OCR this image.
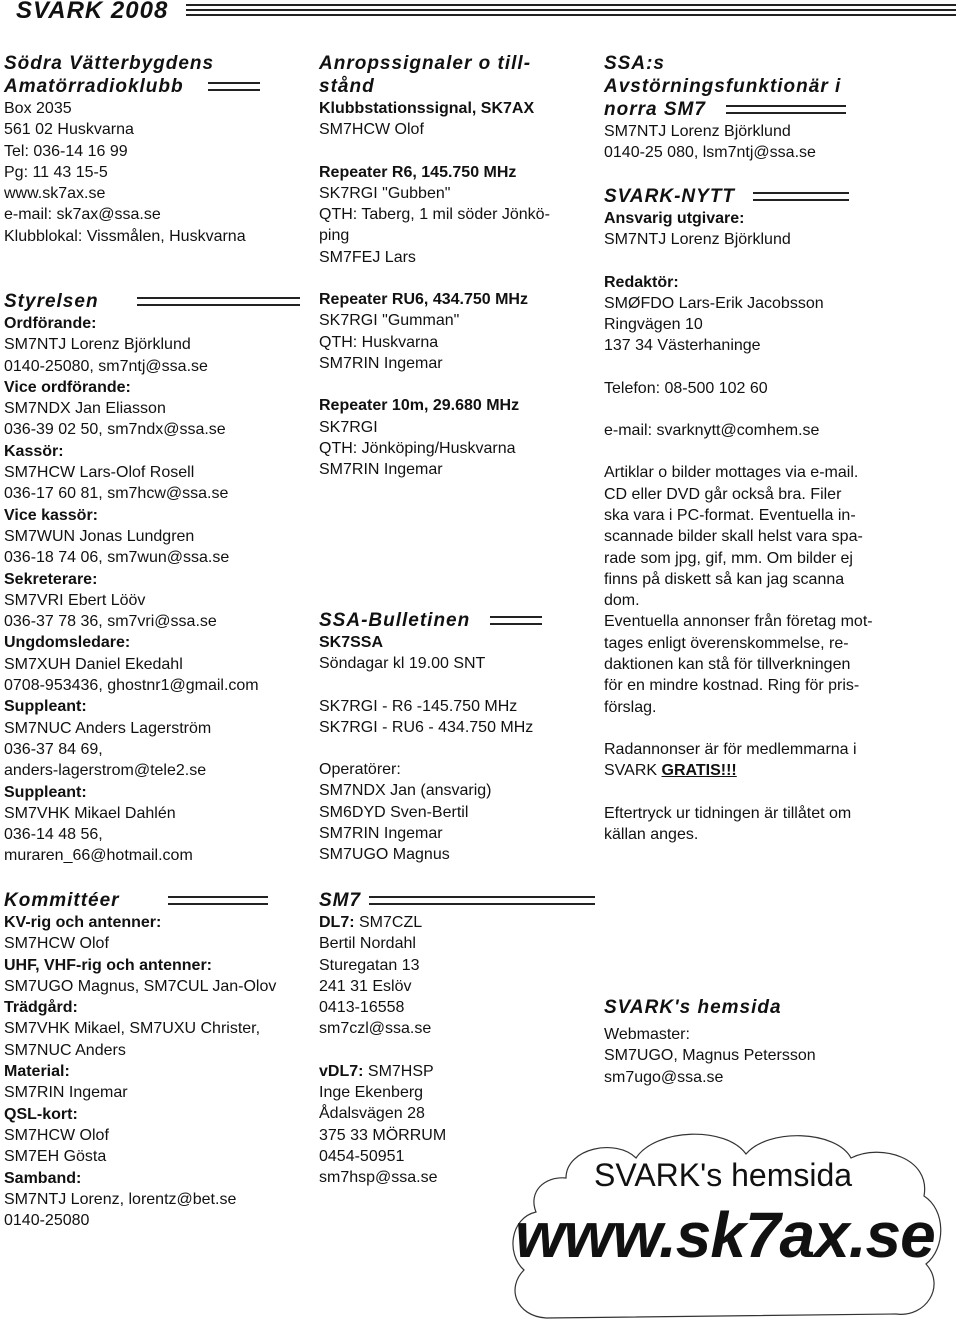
SVARK 2008
Södra Vätterbygdens
Amatörradioklubb
Box 2035
561 02 Huskvarna
Tel: 036-14 16 99
Pg: 11 43 15-5
www.sk7ax.se
e-mail: sk7ax@ssa.se
Klubblokal: Vissmålen, Huskvarna
Styrelsen
Ordförande:
SM7NTJ Lorenz Björklund
0140-25080, sm7ntj@ssa.se
Vice ordförande:
SM7NDX Jan Eliasson
036-39 02 50, sm7ndx@ssa.se
Kassör:
SM7HCW Lars-Olof Rosell
036-17 60 81, sm7hcw@ssa.se
Vice kassör:
SM7WUN Jonas Lundgren
036-18 74 06, sm7wun@ssa.se
Sekreterare:
SM7VRI Ebert Lööv
036-37 78 36, sm7vri@ssa.se
Ungdomsledare:
SM7XUH Daniel Ekedahl
0708-953436, ghostnr1@gmail.com
Suppleant:
SM7NUC Anders Lagerström
036-37 84 69,
anders-lagerstrom@tele2.se
Suppleant:
SM7VHK Mikael Dahlén
036-14 48 56,
muraren_66@hotmail.com
Kommittéer
KV-rig och antenner:
SM7HCW Olof
UHF, VHF-rig och antenner:
SM7UGO Magnus, SM7CUL Jan-Olov
Trädgård:
SM7VHK Mikael, SM7UXU Christer,
SM7NUC Anders
Material:
SM7RIN Ingemar
QSL-kort:
SM7HCW Olof
SM7EH Gösta
Samband:
SM7NTJ Lorenz, lorentz@bet.se
0140-25080
Anropssignaler o till-
stånd
Klubbstationssignal, SK7AX
SM7HCW Olof
Repeater R6, 145.750 MHz
SK7RGI "Gubben"
QTH: Taberg, 1 mil söder Jönkö-
ping
SM7FEJ Lars
Repeater RU6, 434.750 MHz
SK7RGI "Gumman"
QTH: Huskvarna
SM7RIN Ingemar
Repeater 10m, 29.680 MHz
SK7RGI
QTH: Jönköping/Huskvarna
SM7RIN Ingemar
SSA-Bulletinen
SK7SSA
Söndagar kl 19.00 SNT
SK7RGI - R6 -145.750 MHz
SK7RGI - RU6 - 434.750 MHz
Operatörer:
SM7NDX Jan (ansvarig)
SM6DYD Sven-Bertil
SM7RIN Ingemar
SM7UGO Magnus
SM7
DL7: SM7CZL
Bertil Nordahl
Sturegatan 13
241 31 Eslöv
0413-16558
sm7czl@ssa.se
vDL7: SM7HSP
Inge Ekenberg
Ådalsvägen 28
375 33 MÖRRUM
0454-50951
sm7hsp@ssa.se
SSA:s
Avstörningsfunktionär i
norra SM7
SM7NTJ Lorenz Björklund
0140-25 080, lsm7ntj@ssa.se
SVARK-NYTT
Ansvarig utgivare:
SM7NTJ Lorenz Björklund
Redaktör:
SMØFDO Lars-Erik Jacobsson
Ringvägen 10
137 34 Västerhaninge
Telefon: 08-500 102 60
e-mail: svarknytt@comhem.se
Artiklar o bilder mottages via e-mail.
CD eller DVD går också bra. Filer
ska vara i PC-format. Eventuella in-
scannade bilder skall helst vara spa-
rade som jpg, gif, mm. Om bilder ej
finns på diskett så kan jag scanna
dom.
Eventuella annonser från företag mot-
tages enligt överenskommelse, re-
daktionen kan stå för tillverkningen
för en mindre kostnad. Ring för pris-
förslag.
Radannonser är för medlemmarna i
SVARK GRATIS!!!
Eftertryck ur tidningen är tillåtet om
källan anges.
SVARK's hemsida
Webmaster:
SM7UGO, Magnus Petersson
sm7ugo@ssa.se
SVARK's hemsida
www.sk7ax.se
